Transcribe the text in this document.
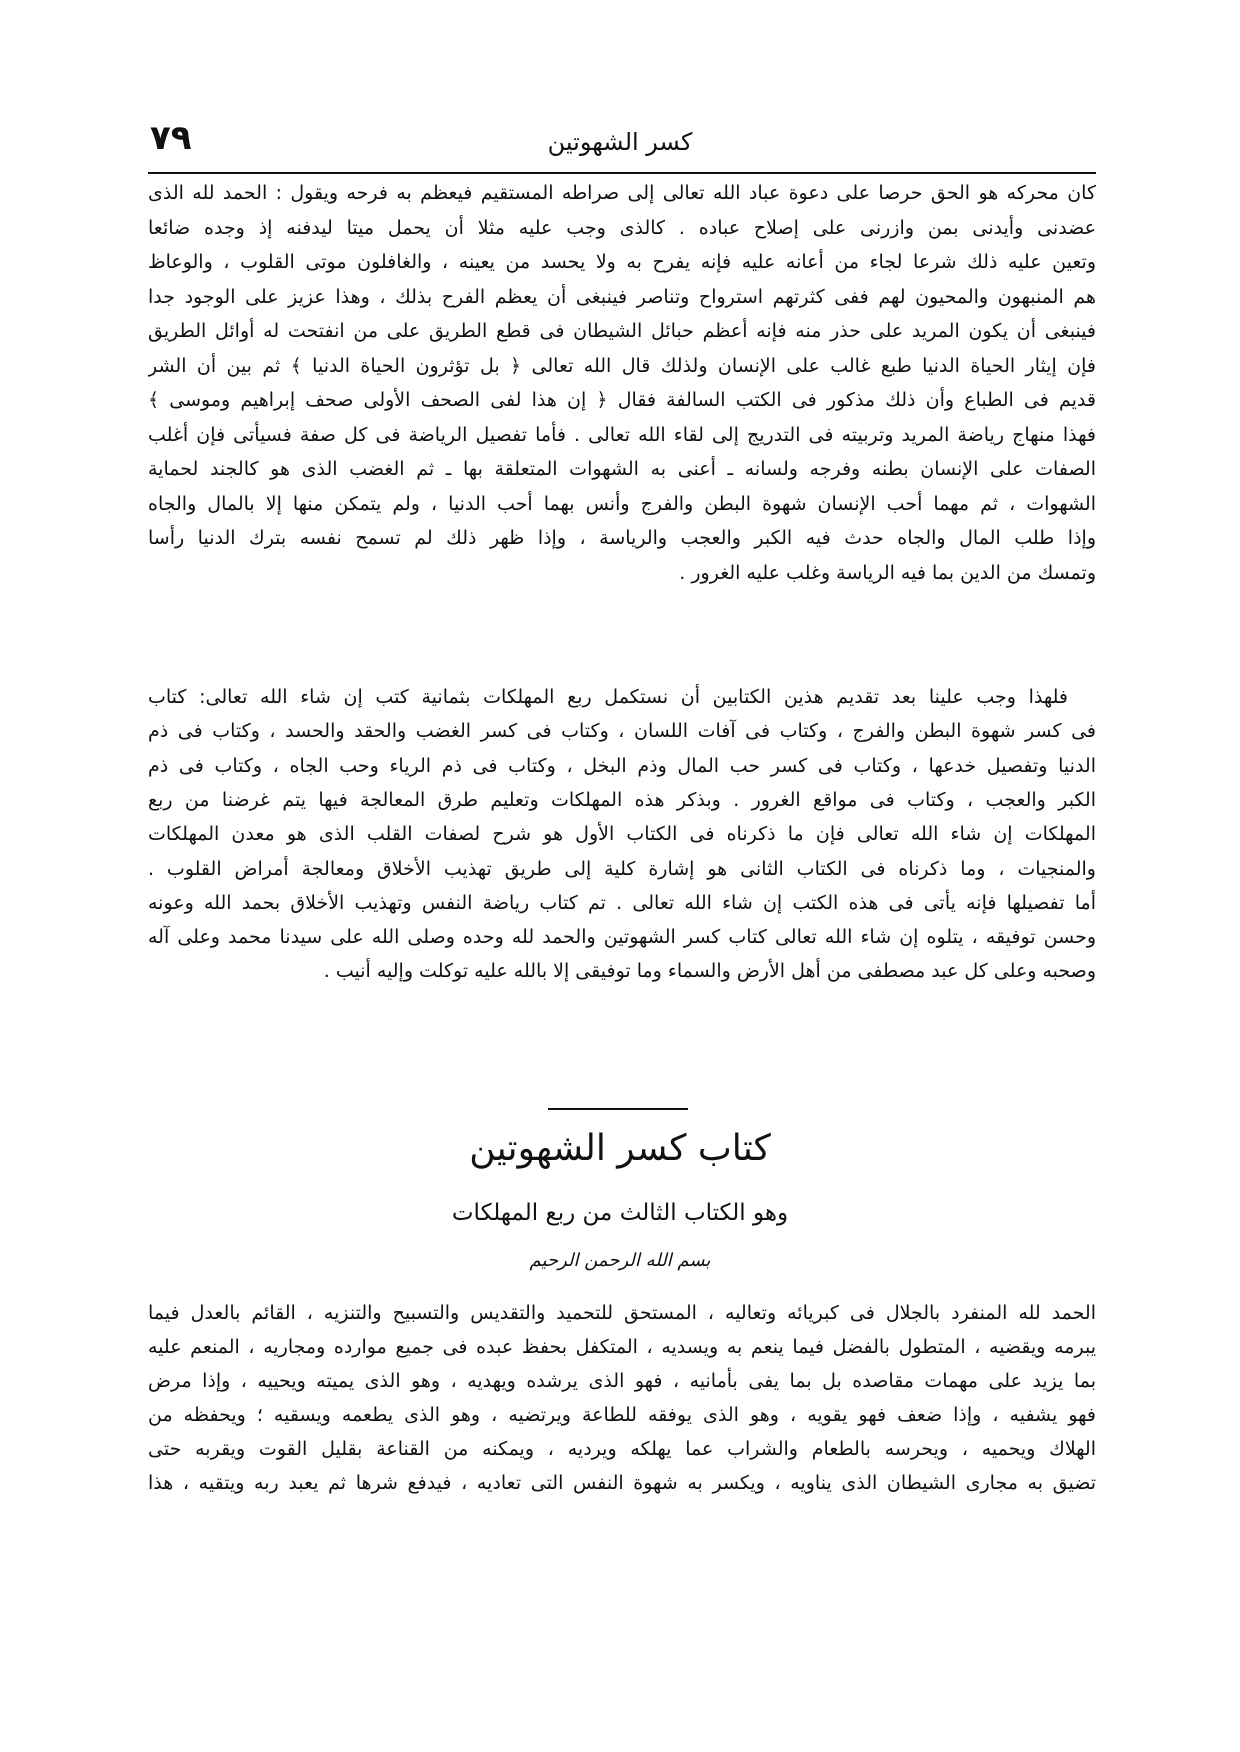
٧٩	كسر الشهوتين
كان محركه هو الحق حرصا على دعوة عباد الله تعالى إلى صراطه المستقيم فيعظم به فرحه ويقول : الحمد لله الذى
عضدنى وأيدنى بمن وازرنى على إصلاح عباده . كالذى وجب عليه مثلا أن يحمل ميتا ليدفنه إذ وجده ضائعا
وتعين عليه ذلك شرعا لجاء من أعانه عليه فإنه يفرح به ولا يحسد من يعينه ، والغافلون موتى القلوب ، والوعاظ
هم المنبهون والمحيون لهم ففى كثرتهم استرواح وتناصر فينبغى أن يعظم الفرح بذلك ، وهذا عزيز على الوجود جدا
فينبغى أن يكون المريد على حذر منه فإنه أعظم حبائل الشيطان فى قطع الطريق على من انفتحت له أوائل الطريق
فإن إيثار الحياة الدنيا طبع غالب على الإنسان ولذلك قال الله تعالى ﴿ بل تؤثرون الحياة الدنيا ﴾ ثم بين أن الشر
قديم فى الطباع وأن ذلك مذكور فى الكتب السالفة فقال ﴿ إن هذا لفى الصحف الأولى صحف إبراهيم وموسى ﴾
فهذا منهاج رياضة المريد وتربيته فى التدريج إلى لقاء الله تعالى . فأما تفصيل الرياضة فى كل صفة فسيأتى فإن أغلب
الصفات على الإنسان بطنه وفرجه ولسانه ـ أعنى به الشهوات المتعلقة بها ـ ثم الغضب الذى هو كالجند لحماية
الشهوات ، ثم مهما أحب الإنسان شهوة البطن والفرج وأنس بهما أحب الدنيا ، ولم يتمكن منها إلا بالمال والجاه
وإذا طلب المال والجاه حدث فيه الكبر والعجب والرياسة ، وإذا ظهر ذلك لم تسمح نفسه بترك الدنيا رأسا
وتمسك من الدين بما فيه الرياسة وغلب عليه الغرور .
فلهذا وجب علينا بعد تقديم هذين الكتابين أن نستكمل ربع المهلكات بثمانية كتب إن شاء الله تعالى: كتاب
فى كسر شهوة البطن والفرج ، وكتاب فى آفات اللسان ، وكتاب فى كسر الغضب والحقد والحسد ، وكتاب فى ذم
الدنيا وتفصيل خدعها ، وكتاب فى كسر حب المال وذم البخل ، وكتاب فى ذم الرياء وحب الجاه ، وكتاب فى ذم
الكبر والعجب ، وكتاب فى مواقع الغرور . وبذكر هذه المهلكات وتعليم طرق المعالجة فيها يتم غرضنا من ربع
المهلكات إن شاء الله تعالى فإن ما ذكرناه فى الكتاب الأول هو شرح لصفات القلب الذى هو معدن المهلكات
والمنجيات ، وما ذكرناه فى الكتاب الثانى هو إشارة كلية إلى طريق تهذيب الأخلاق ومعالجة أمراض القلوب .
أما تفصيلها فإنه يأتى فى هذه الكتب إن شاء الله تعالى . تم كتاب رياضة النفس وتهذيب الأخلاق بحمد الله وعونه
وحسن توفيقه ، يتلوه إن شاء الله تعالى كتاب كسر الشهوتين والحمد لله وحده وصلى الله على سيدنا محمد وعلى آله
وصحبه وعلى كل عبد مصطفى من أهل الأرض والسماء وما توفيقى إلا بالله عليه توكلت وإليه أنيب .
كتاب كسر الشهوتين
وهو الكتاب الثالث من ربع المهلكات
بسم الله الرحمن الرحيم
الحمد لله المنفرد بالجلال فى كبريائه وتعاليه ، المستحق للتحميد والتقديس والتسبيح والتنزيه ، القائم بالعدل فيما
يبرمه ويقضيه ، المتطول بالفضل فيما ينعم به ويسديه ، المتكفل بحفظ عبده فى جميع موارده ومجاريه ، المنعم عليه
بما يزيد على مهمات مقاصده بل بما يفى بأمانيه ، فهو الذى يرشده ويهديه ، وهو الذى يميته ويحييه ، وإذا مرض
فهو يشفيه ، وإذا ضعف فهو يقويه ، وهو الذى يوفقه للطاعة ويرتضيه ، وهو الذى يطعمه ويسقيه ؛ ويحفظه من
الهلاك ويحميه ، ويحرسه بالطعام والشراب عما يهلكه ويرديه ، ويمكنه من القناعة بقليل القوت ويقربه حتى
تضيق به مجارى الشيطان الذى يناويه ، ويكسر به شهوة النفس التى تعاديه ، فيدفع شرها ثم يعبد ربه ويتقيه ، هذا
